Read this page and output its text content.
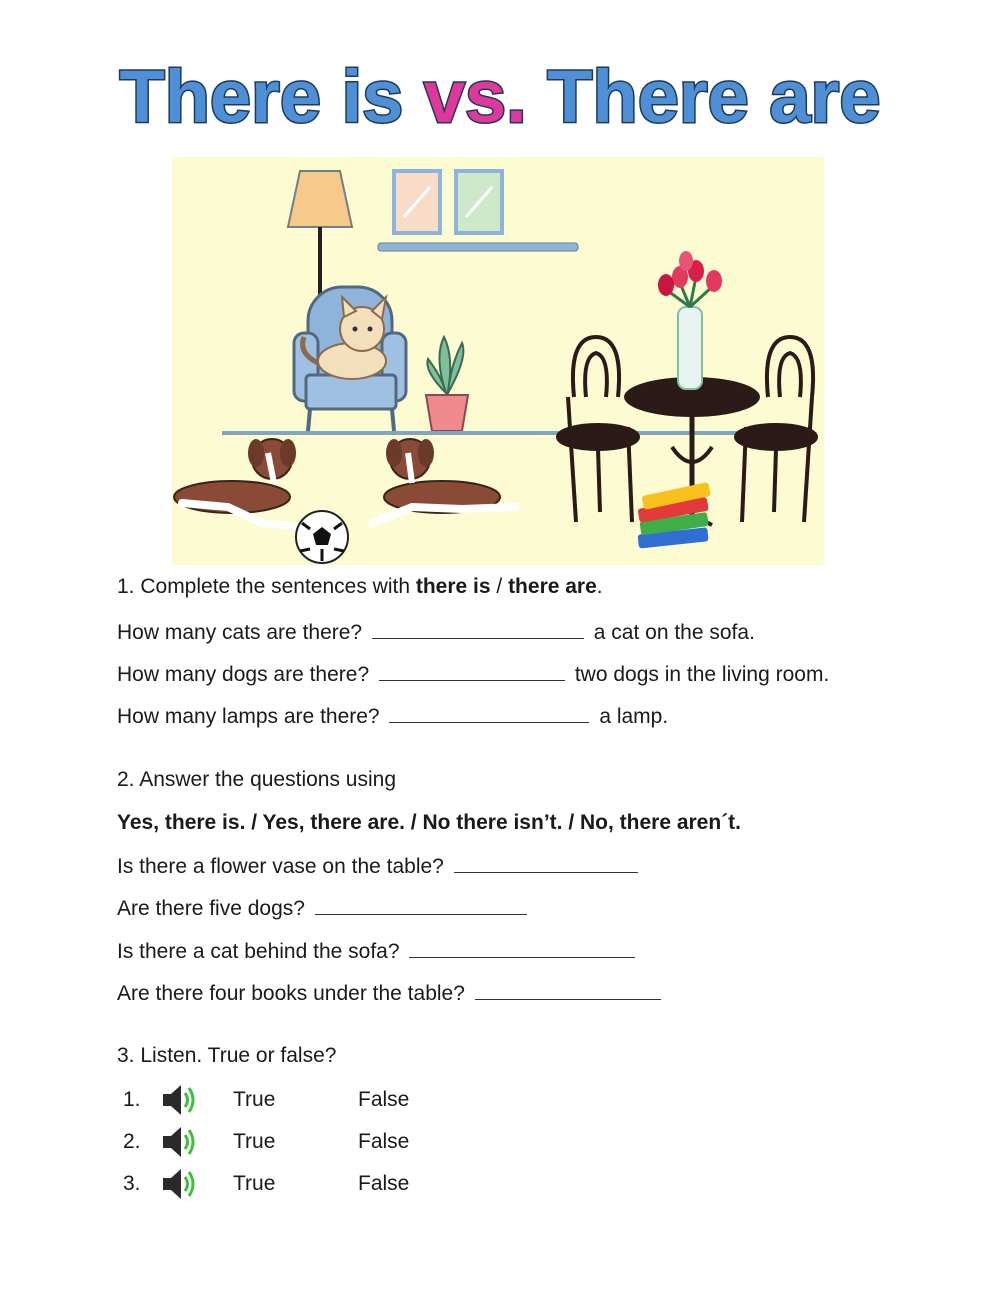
There is vs. There are
1. Complete the sentences with there is / there are.
How many cats are there?	a cat on the sofa.
How many dogs are there?	two dogs in the living room.
How many lamps are there?	a lamp.
2. Answer the questions using
Yes, there is. / Yes, there are. / No there isn’t. / No, there aren´t.
Is there a flower vase on the table?
Are there five dogs?
Is there a cat behind the sofa?
Are there four books under the table?
3. Listen. True or false?
1.	True	False
2.	True	False
3.	True	False
